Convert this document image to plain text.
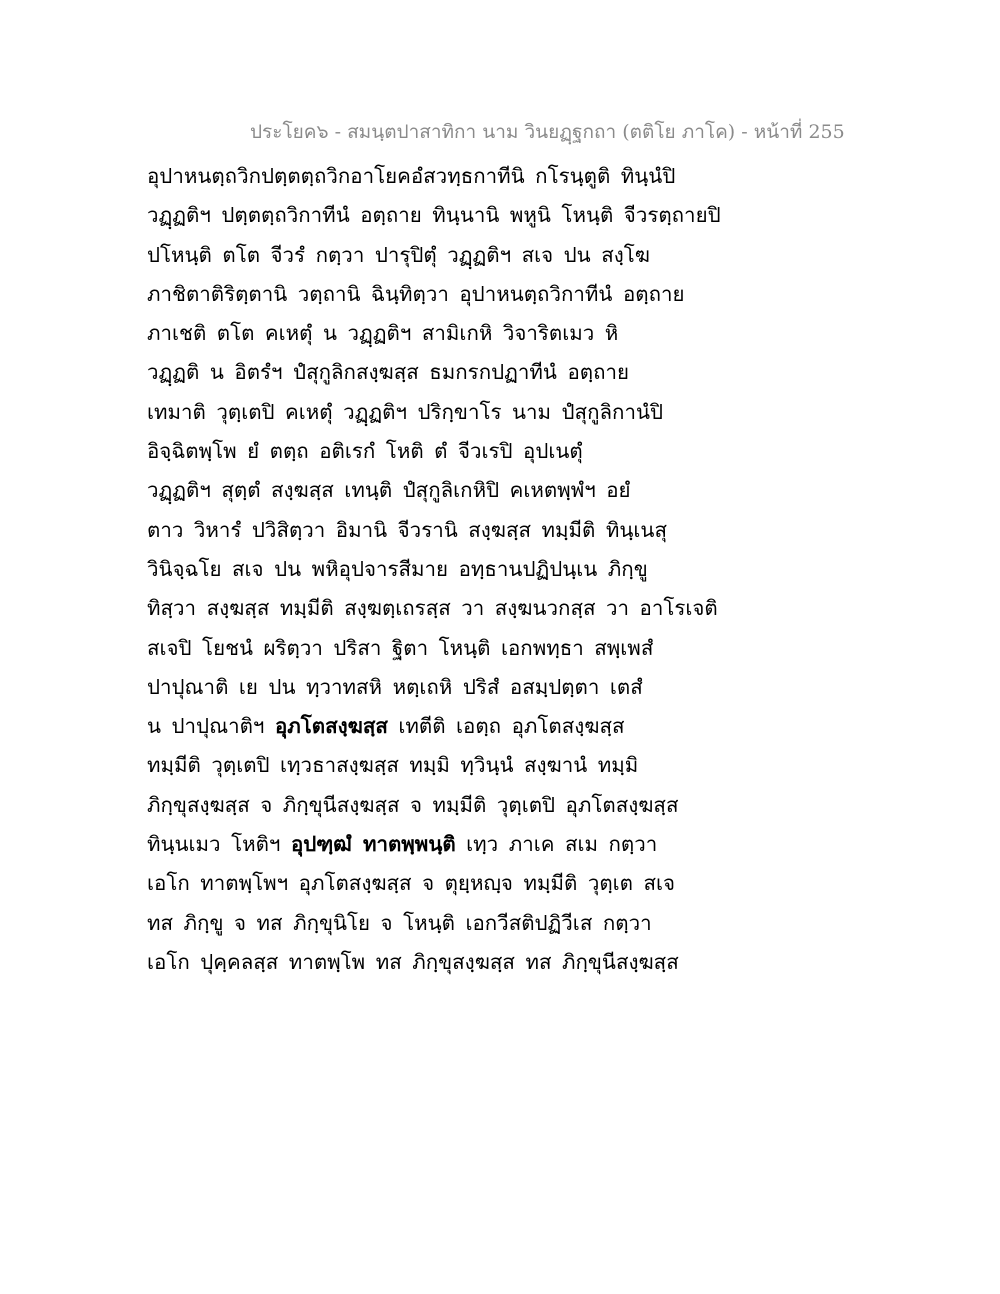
ประโยค๖ - สมนฺตปาสาทิกา นาม วินยฏฺฐกถา (ตติโย ภาโค) - หน้าที่ 255
อุปาหนตฺถวิกปตฺตตฺถวิกอาโยคอํสวทฺธกาทีนิ กโรนฺตูติ ทินฺนํปิ
วฏฺฏติฯ ปตฺตตฺถวิกาทีนํ อตฺถาย ทินฺนานิ พหูนิ โหนฺติ จีวรตฺถายปิ
ปโหนฺติ ตโต จีวรํ กตฺวา ปารุปิตุํ วฏฺฏติฯ สเจ ปน สงฺโฆ
ภาชิตาติริตฺตานิ วตฺถานิ ฉินฺทิตฺวา อุปาหนตฺถวิกาทีนํ อตฺถาย
ภาเชติ ตโต คเหตุํ น วฏฺฏติฯ สามิเกหิ วิจาริตเมว หิ
วฏฺฏติ น อิตรํฯ ปํสุกูลิกสงฺฆสฺส ธมกรกปฏาทีนํ อตฺถาย
เทมาติ วุตฺเตปิ คเหตุํ วฏฺฏติฯ ปริกฺขาโร นาม ปํสุกูลิกานํปิ
อิจฺฉิตพฺโพ ยํ ตตฺถ อติเรกํ โหติ ตํ จีวเรปิ อุปเนตุํ
วฏฺฏติฯ สุตฺตํ สงฺฆสฺส เทนฺติ ปํสุกูลิเกหิปิ คเหตพฺพํฯ อยํ
ตาว วิหารํ ปวิสิตฺวา อิมานิ จีวรานิ สงฺฆสฺส ทมฺมีติ ทินฺเนสุ
วินิจฺฉโย สเจ ปน พหิอุปจารสีมาย อทฺธานปฏิปนฺเน ภิกฺขู
ทิสฺวา สงฺฆสฺส ทมฺมีติ สงฺฆตฺเถรสฺส วา สงฺฆนวกสฺส วา อาโรเจติ
สเจปิ โยชนํ ผริตฺวา ปริสา ฐิตา โหนฺติ เอกพทฺธา สพฺเพสํ
ปาปุณาติ เย ปน ทฺวาทสหิ หตฺเถหิ ปริสํ อสมฺปตฺตา เตสํ
น ปาปุณาติฯ อุภโตสงฺฆสฺส เทตีติ เอตฺถ อุภโตสงฺฆสฺส
ทมฺมีติ วุตฺเตปิ เทฺวธาสงฺฆสฺส ทมฺมิ ทฺวินฺนํ สงฺฆานํ ทมฺมิ
ภิกฺขุสงฺฆสฺส จ ภิกฺขุนีสงฺฆสฺส จ ทมฺมีติ วุตฺเตปิ อุภโตสงฺฆสฺส
ทินฺนเมว โหติฯ อุปฑฺฒํ ทาตพฺพนฺติ เทฺว ภาเค สเม กตฺวา
เอโก ทาตพฺโพฯ อุภโตสงฺฆสฺส จ ตุยฺหญฺจ ทมฺมีติ วุตฺเต สเจ
ทส ภิกฺขู จ ทส ภิกฺขุนิโย จ โหนฺติ เอกวีสติปฏิวีเส กตฺวา
เอโก ปุคฺคลสฺส ทาตพฺโพ ทส ภิกฺขุสงฺฆสฺส ทส ภิกฺขุนีสงฺฆสฺส
